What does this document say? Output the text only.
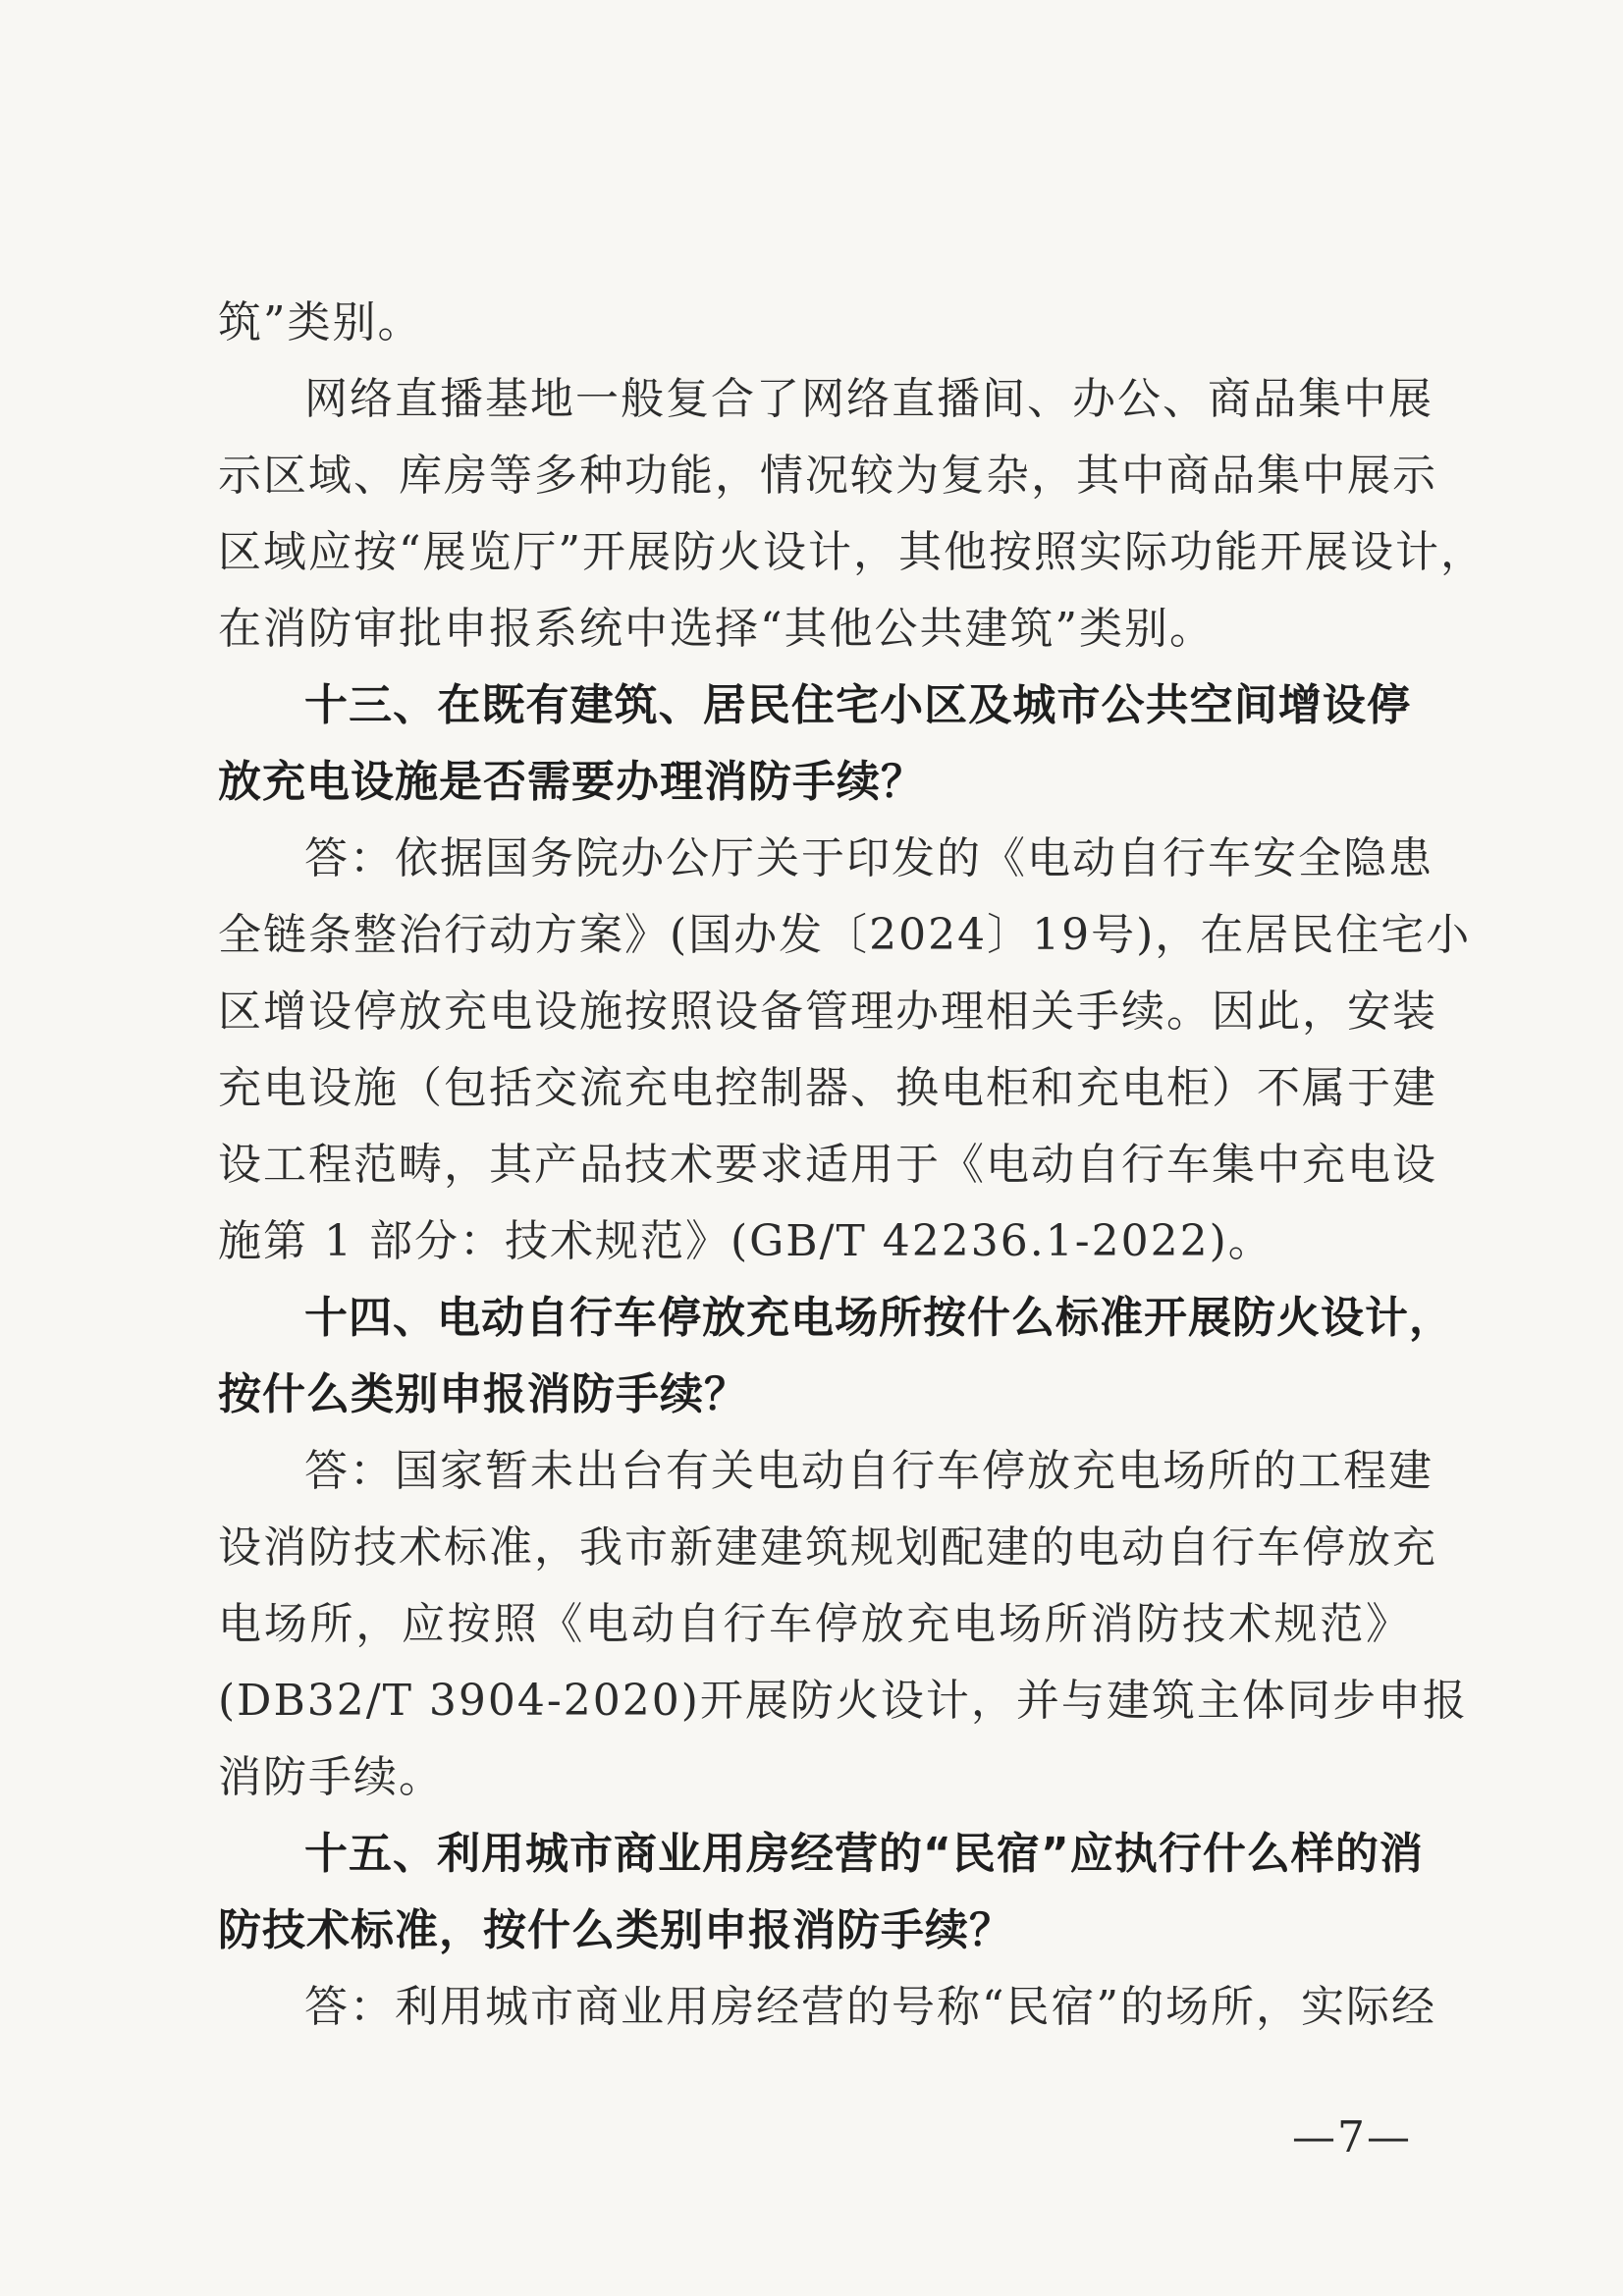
筑”类别。
网络直播基地一般复合了网络直播间、办公、商品集中展
示区域、库房等多种功能，情况较为复杂，其中商品集中展示
区域应按“展览厅”开展防火设计，其他按照实际功能开展设计，
在消防审批申报系统中选择“其他公共建筑”类别。
十三、在既有建筑、居民住宅小区及城市公共空间增设停
放充电设施是否需要办理消防手续？
答：依据国务院办公厅关于印发的《电动自行车安全隐患
全链条整治行动方案》(国办发〔2024〕19号)，在居民住宅小
区增设停放充电设施按照设备管理办理相关手续。因此，安装
充电设施（包括交流充电控制器、换电柜和充电柜）不属于建
设工程范畴，其产品技术要求适用于《电动自行车集中充电设
施第 1 部分：技术规范》(GB/T 42236.1-2022)。
十四、电动自行车停放充电场所按什么标准开展防火设计，
按什么类别申报消防手续？
答：国家暂未出台有关电动自行车停放充电场所的工程建
设消防技术标准，我市新建建筑规划配建的电动自行车停放充
电场所，应按照《电动自行车停放充电场所消防技术规范》
(DB32/T 3904-2020)开展防火设计，并与建筑主体同步申报
消防手续。
十五、利用城市商业用房经营的“民宿”应执行什么样的消
防技术标准，按什么类别申报消防手续？
答：利用城市商业用房经营的号称“民宿”的场所，实际经
—7—
